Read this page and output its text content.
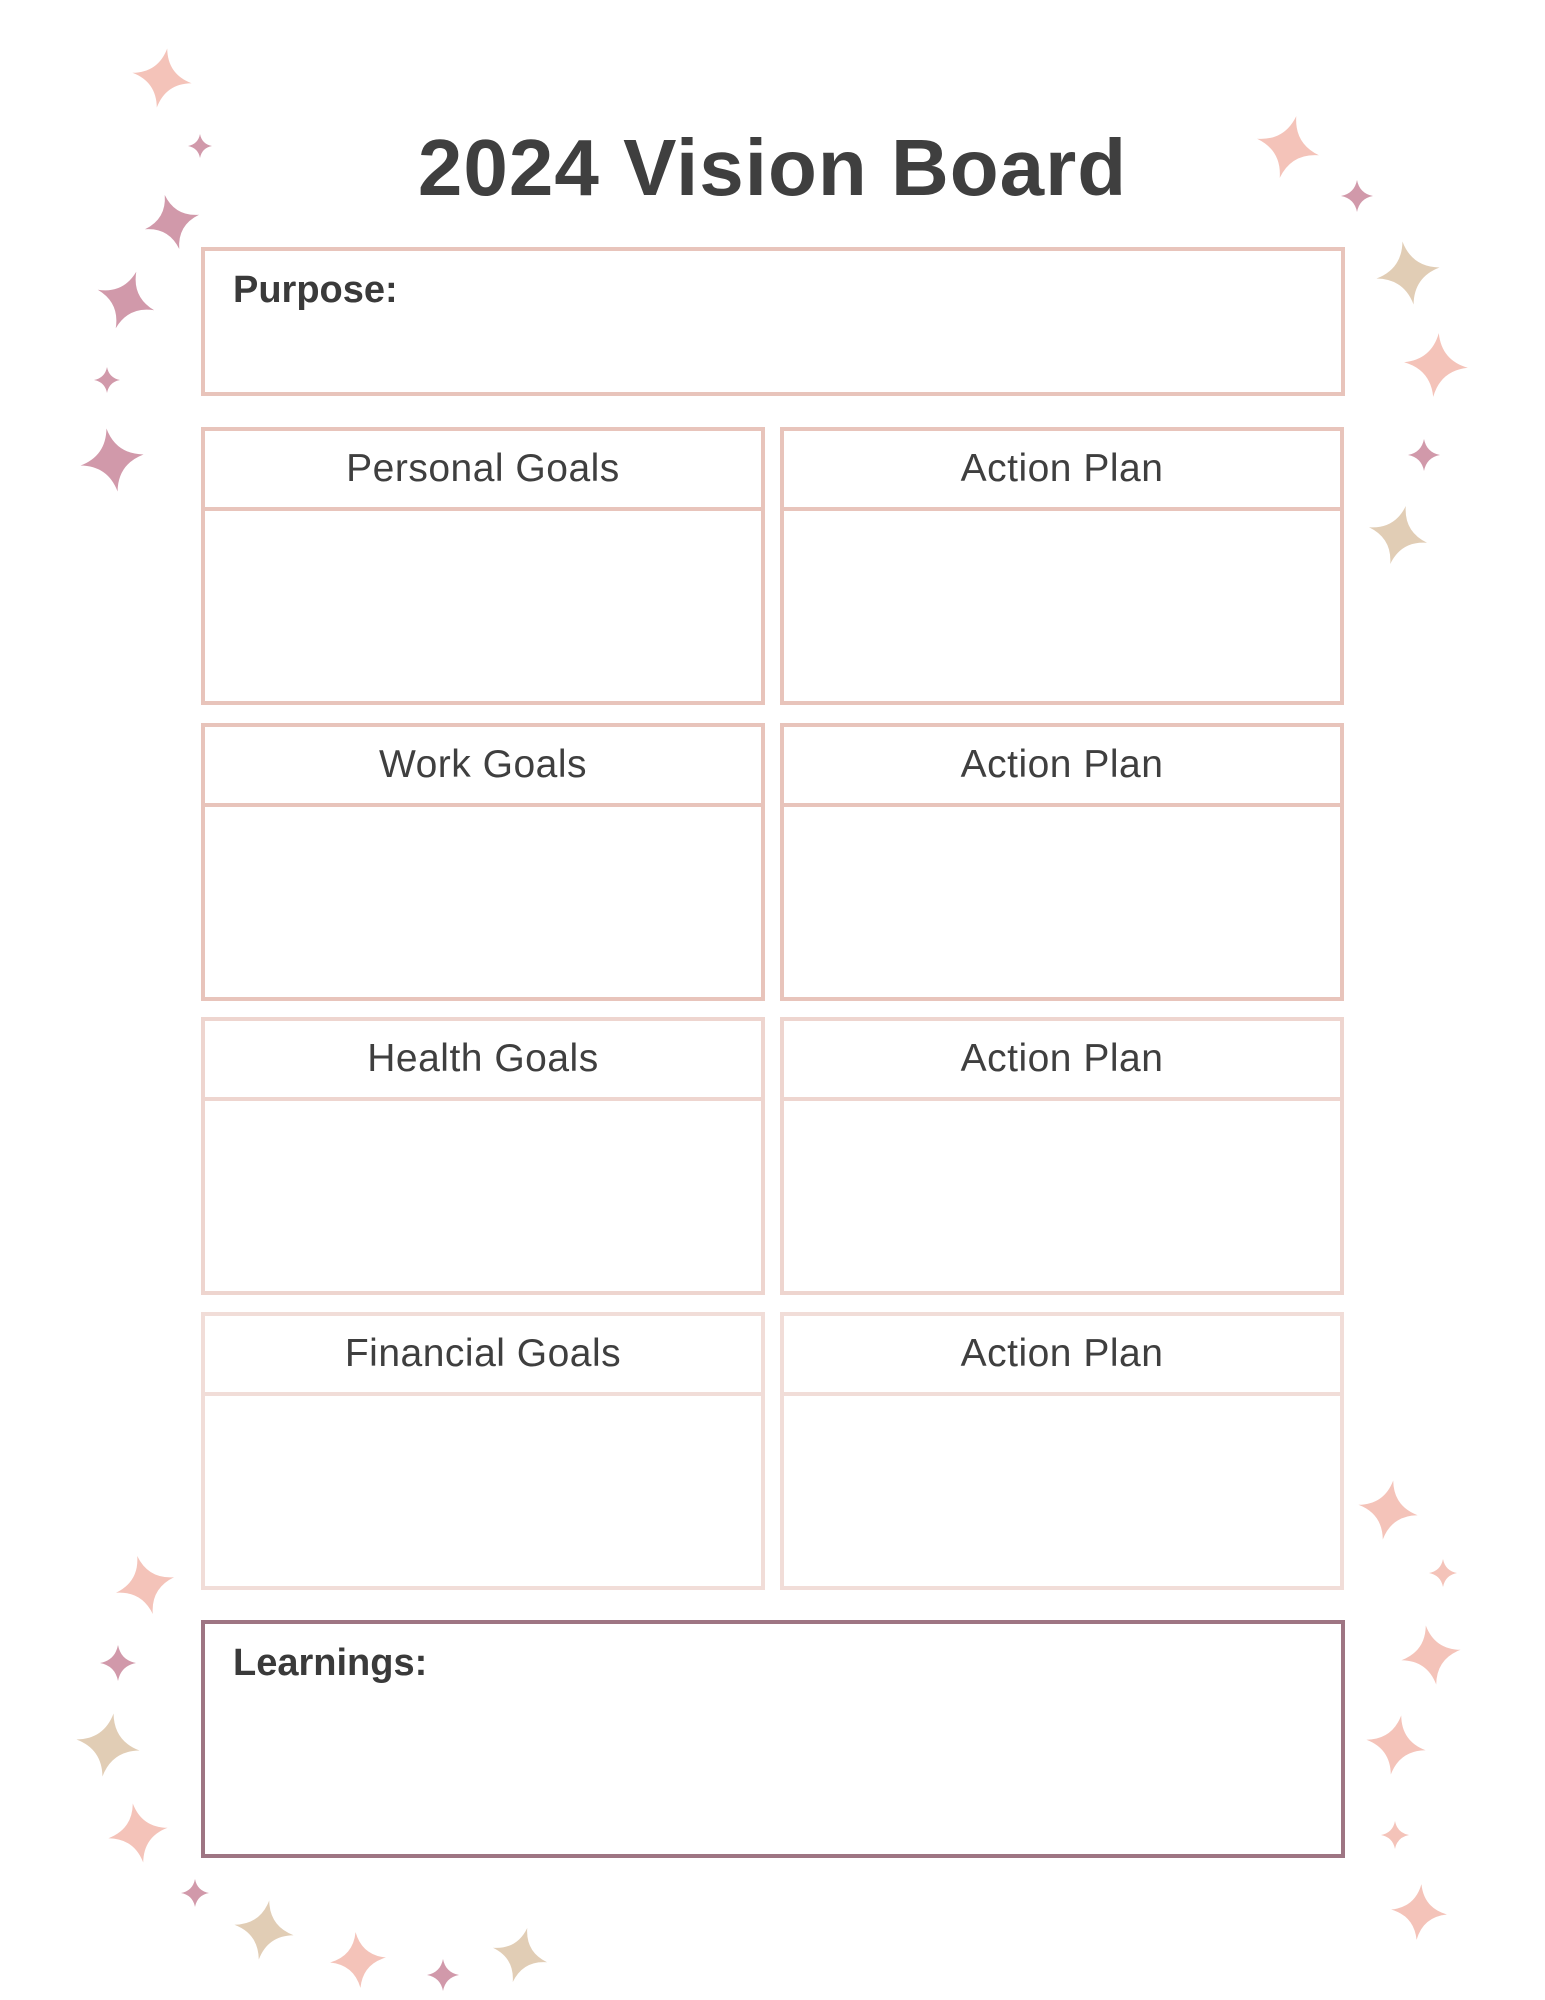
2024 Vision Board
Purpose:
Personal Goals	Action Plan
Work Goals	Action Plan
Health Goals	Action Plan
Financial Goals	Action Plan
Learnings:
